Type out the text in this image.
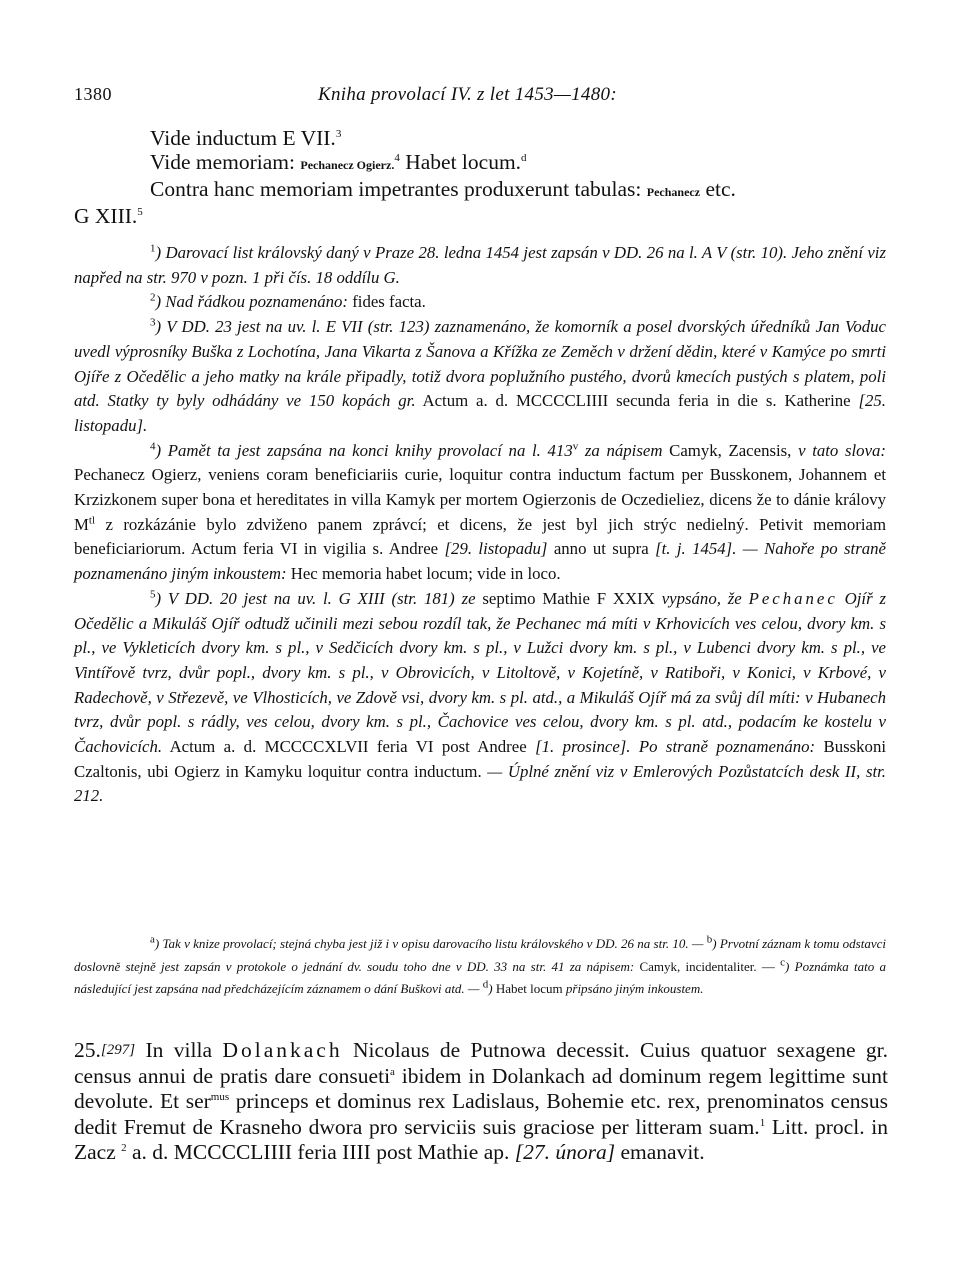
1380	Kniha provolací IV. z let 1453—1480:
Vide inductum E VII.$^3$
Vide memoriam: Pechanecz Ogierz.$^4$ Habet locum.$^d$
Contra hanc memoriam impetrantes produxerunt tabulas: Pechanecz etc.
G XIII.$^5$

$^1$) Darovací list královský daný v Praze 28. ledna 1454 jest zapsán v DD. 26 na l. A V (str. 10). Jeho znění viz napřed na str. 970 v pozn. 1 při čís. 18 oddílu G.

$^2$) Nad řádkou poznamenáno: fides facta.

$^3$) V DD. 23 jest na uv. l. E VII (str. 123) zaznamenáno, že komorník a posel dvorských úředníků Jan Voduc uvedl výprosníky Buška z Lochotína, Jana Vikarta z Šanova a Křížka ze Zeměch v držení dědin, které v Kamýce po smrti Ojíře z Očedělic a jeho matky na krále připadly, totiž dvora poplužního pustého, dvorů kmecích pustých s platem, poli atd. Statky ty byly odhádány ve 150 kopách gr. Actum a. d. MCCCCLIIII secunda feria in die s. Katherine [25. listopadu].

$^4$) Pamět ta jest zapsána na konci knihy provolací na l. 413$^v$ za nápisem Camyk, Zacensis, v tato slova: Pechanecz Ogierz, veniens coram beneficiariis curie, loquitur contra inductum factum per Busskonem, Johannem et Krzizkonem super bona et hereditates in villa Kamyk per mortem Ogierzonis de Oczedieliez, dicens že to dánie královy $M^{tl}$ z rozkázánie bylo zdviženo panem zprávcí; et dicens, že jest byl jich strýc nedielný. Petivit memoriam beneficiariorum. Actum feria VI in vigilia s. Andree [29. listopadu] anno ut supra [t. j. 1454]. — Nahoře po straně poznamenáno jiným inkoustem: Hec memoria habet locum; vide in loco.

$^5$) V DD. 20 jest na uv. l. G XIII (str. 181) ze septimo Mathie F XXIX vypsáno, že Pechanec Ojíř z Očedělic a Mikuláš Ojíř odtudž učinili mezi sebou rozdíl tak, že Pechanec má míti v Krhovicích ves celou, dvory km. s pl., ve Vykleticích dvory km. s pl., v Sedčicích dvory km. s pl., v Lužci dvory km. s pl., v Lubenci dvory km. s pl., ve Vintířově tvrz, dvůr popl., dvory km. s pl., v Obrovicích, v Litoltově, v Kojetíně, v Ratiboři, v Konici, v Krbové, v Radechově, v Střezevě, ve Vlhosticích, ve Zdově vsi, dvory km. s pl. atd., a Mikuláš Ojíř má za svůj díl míti: v Hubanech tvrz, dvůr popl. s rádly, ves celou, dvory km. s pl., Čachovice ves celou, dvory km. s pl. atd., podacím ke kostelu v Čachovicích. Actum a. d. MCCCCXLVII feria VI post Andree [1. prosince]. Po straně poznamenáno: Busskoni Czaltonis, ubi Ogierz in Kamyku loquitur contra inductum. — Úplné znění viz v Emlerových Pozůstatcích desk II, str. 212.

$^a$) Tak v knize provolací; stejná chyba jest již i v opisu darovacího listu královského v DD. 26 na str. 10. — $^b$) Prvotní záznam k tomu odstavci doslovně stejně jest zapsán v protokole o jednání dv. soudu toho dne v DD. 33 na str. 41 za nápisem: Camyk, incidentaliter. — $^c$) Poznámka tato a následující jest zapsána nad předcházejícím záznamem o dání Buškovi atd. — $^d$) Habet locum připsáno jiným inkoustem.

25.[297] In villa Dolankach Nicolaus de Putnowa decessit. Cuius quatuor sexagene gr. census annui de pratis dare consueti$^a$ ibidem in Dolankach ad dominum regem legittime sunt devolute. Et ser$^{mus}$ princeps et dominus rex Ladislaus, Bohemie etc. rex, prenominatos census dedit Fremut de Krasneho dwora pro serviciis suis graciose per litteram suam.$^1$ Litt. procl. in Zacz $^2$ a. d. MCCCCLIIII feria IIII post Mathie ap. [27. února] emanavit.
